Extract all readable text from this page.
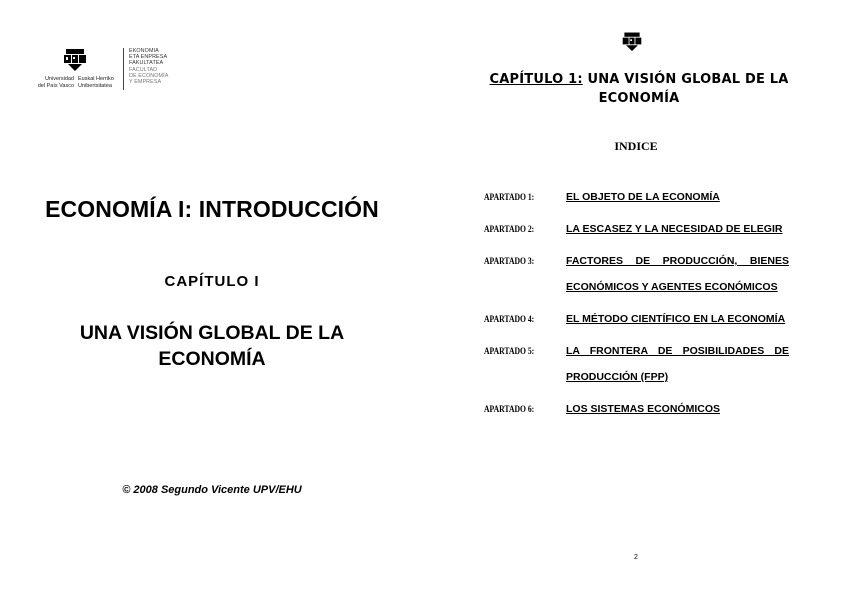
Universidad
del País Vasco
Euskal Herriko
Unibertsitatea
EKONOMIA
ETA ENPRESA
FAKULTATEA
FACULTAD
DE ECONOMÍA
Y EMPRESA
ECONOMÍA I: INTRODUCCIÓN
CAPÍTULO I
UNA VISIÓN GLOBAL DE LA
ECONOMÍA
© 2008 Segundo Vicente UPV/EHU
CAPÍTULO 1: UNA VISIÓN GLOBAL DE LA
ECONOMÍA
INDICE
APARTADO 1:	EL OBJETO DE LA ECONOMÍA
APARTADO 2:	LA ESCASEZ Y LA NECESIDAD DE ELEGIR
APARTADO 3:	FACTORES DE PRODUCCIÓN, BIENES ECONÓMICOS Y AGENTES ECONÓMICOS
APARTADO 4:	EL MÉTODO CIENTÍFICO EN LA ECONOMÍA
APARTADO 5:	LA FRONTERA DE POSIBILIDADES DE PRODUCCIÓN (FPP)
APARTADO 6:	LOS SISTEMAS ECONÓMICOS
2
